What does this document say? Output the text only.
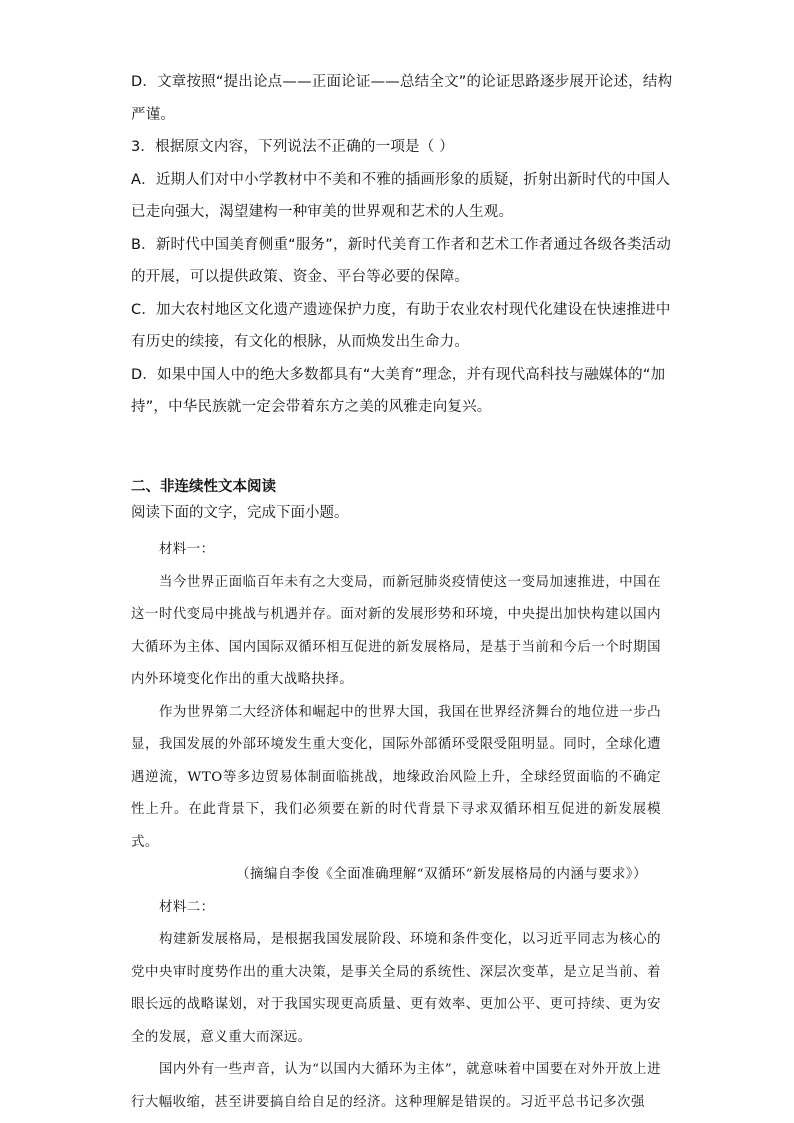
D．文章按照“提出论点——正面论证——总结全文”的论证思路逐步展开论述，结构严谨。

3．根据原文内容，下列说法不正确的一项是（ ）

A．近期人们对中小学教材中不美和不雅的插画形象的质疑，折射出新时代的中国人已走向强大，渴望建构一种审美的世界观和艺术的人生观。

B．新时代中国美育侧重“服务”，新时代美育工作者和艺术工作者通过各级各类活动的开展，可以提供政策、资金、平台等必要的保障。

C．加大农村地区文化遗产遗迹保护力度，有助于农业农村现代化建设在快速推进中有历史的续接，有文化的根脉，从而焕发出生命力。

D．如果中国人中的绝大多数都具有“大美育”理念，并有现代高科技与融媒体的“加持”，中华民族就一定会带着东方之美的风雅走向复兴。

二、非连续性文本阅读
阅读下面的文字，完成下面小题。

材料一：

当今世界正面临百年未有之大变局，而新冠肺炎疫情使这一变局加速推进，中国在这一时代变局中挑战与机遇并存。面对新的发展形势和环境，中央提出加快构建以国内大循环为主体、国内国际双循环相互促进的新发展格局，是基于当前和今后一个时期国内外环境变化作出的重大战略抉择。

作为世界第二大经济体和崛起中的世界大国，我国在世界经济舞台的地位进一步凸显，我国发展的外部环境发生重大变化，国际外部循环受限受阻明显。同时，全球化遭遇逆流，WTO等多边贸易体制面临挑战，地缘政治风险上升，全球经贸面临的不确定性上升。在此背景下，我们必须要在新的时代背景下寻求双循环相互促进的新发展模式。

（摘编自李俊《全面准确理解“双循环”新发展格局的内涵与要求》）

材料二：

构建新发展格局，是根据我国发展阶段、环境和条件变化，以习近平同志为核心的党中央审时度势作出的重大决策，是事关全局的系统性、深层次变革，是立足当前、着眼长远的战略谋划，对于我国实现更高质量、更有效率、更加公平、更可持续、更为安全的发展，意义重大而深远。

国内外有一些声音，认为“以国内大循环为主体”，就意味着中国要在对外开放上进行大幅收缩，甚至讲要搞自给自足的经济。这种理解是错误的。习近平总书记多次强
